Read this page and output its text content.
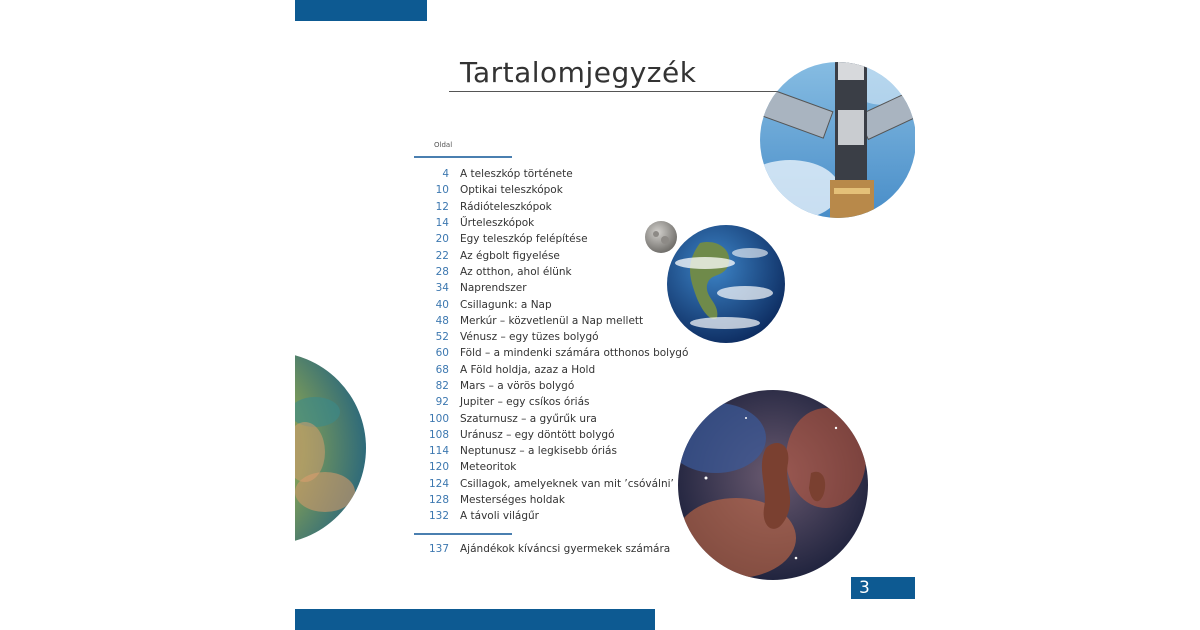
Tartalomjegyzék
Oldal
4	A teleszkóp története
10	Optikai teleszkópok
12	Rádióteleszkópok
14	Űrteleszkópok
20	Egy teleszkóp felépítése
22	Az égbolt figyelése
28	Az otthon, ahol élünk
34	Naprendszer
40	Csillagunk: a Nap
48	Merkúr – közvetlenül a Nap mellett
52	Vénusz – egy tüzes bolygó
60	Föld – a mindenki számára otthonos bolygó
68	A Föld holdja, azaz a Hold
82	Mars – a vörös bolygó
92	Jupiter – egy csíkos óriás
100	Szaturnusz – a gyűrűk ura
108	Uránusz – egy döntött bolygó
114	Neptunusz – a legkisebb óriás
120	Meteoritok
124	Csillagok, amelyeknek van mit ’csóválni’
128	Mesterséges holdak
132	A távoli világűr
137	Ajándékok kíváncsi gyermekek számára
3
